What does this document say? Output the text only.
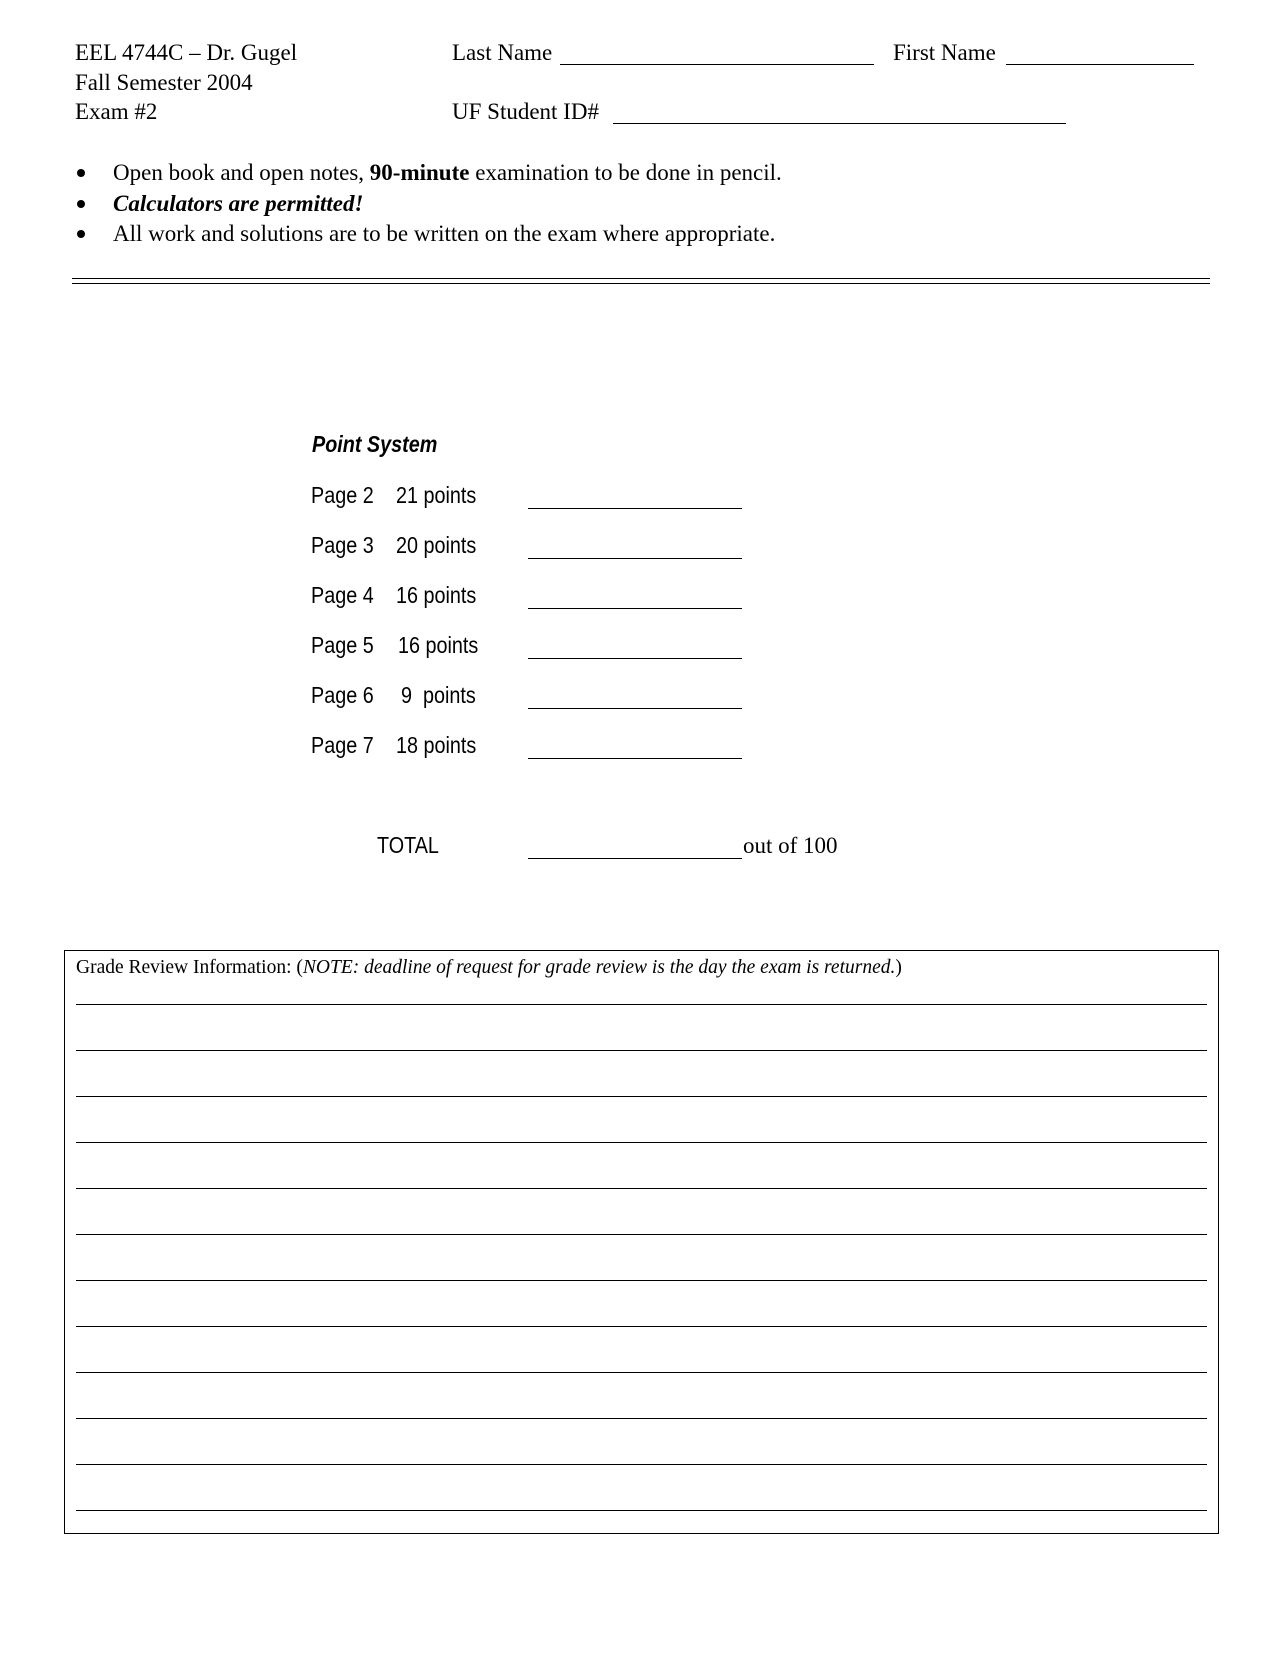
EEL 4744C – Dr. Gugel
Fall Semester 2004
Exam #2
Last Name	First Name
UF Student ID#
Open book and open notes, 90-minute examination to be done in pencil.
Calculators are permitted!
All work and solutions are to be written on the exam where appropriate.
Point System
Page 2 21 points
Page 3 20 points
Page 4 16 points
Page 5	16 points
Page 6	9  points
Page 7 18 points
TOTAL	out of 100
Grade Review Information: (NOTE: deadline of request for grade review is the day the exam is returned.)
